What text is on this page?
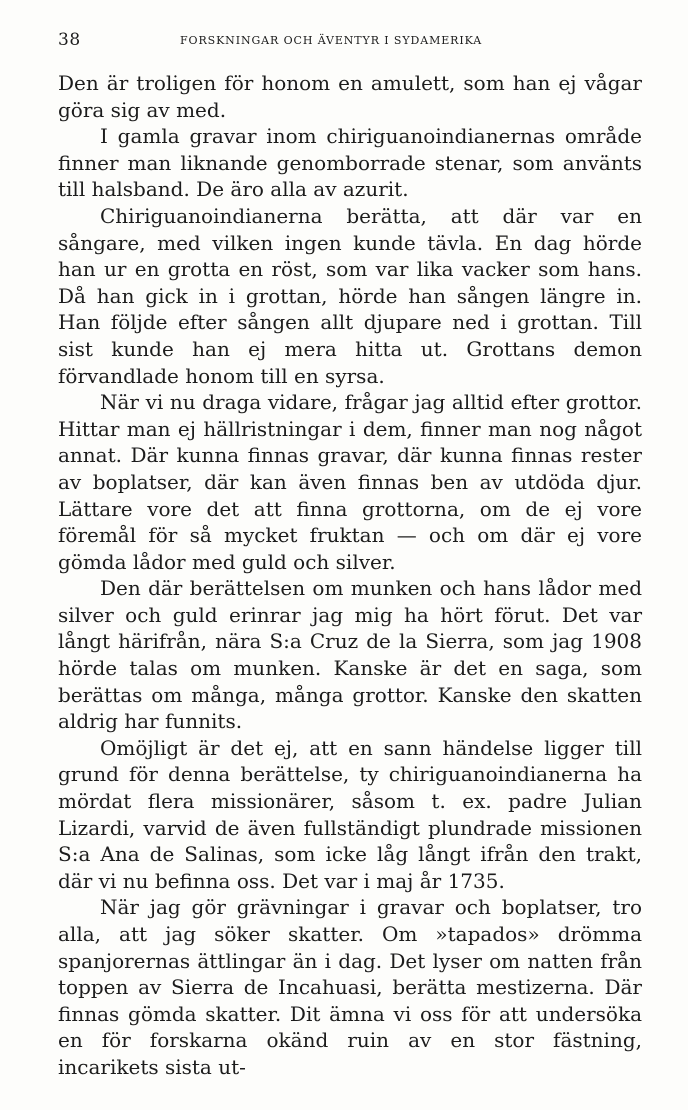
38	FORSKNINGAR OCH ÄVENTYR I SYDAMERIKA

Den är troligen för honom en amulett, som han ej vågar göra sig av med.

I gamla gravar inom chiriguanoindianernas område finner man liknande genomborrade stenar, som använts till halsband. De äro alla av azurit.

Chiriguanoindianerna berätta, att där var en sångare, med vilken ingen kunde tävla. En dag hörde han ur en grotta en röst, som var lika vacker som hans. Då han gick in i grottan, hörde han sången längre in. Han följde efter sången allt djupare ned i grottan. Till sist kunde han ej mera hitta ut. Grottans demon förvandlade honom till en syrsa.

När vi nu draga vidare, frågar jag alltid efter grottor. Hittar man ej hällristningar i dem, finner man nog något annat. Där kunna finnas gravar, där kunna finnas rester av boplatser, där kan även finnas ben av utdöda djur. Lättare vore det att finna grottorna, om de ej vore föremål för så mycket fruktan — och om där ej vore gömda lådor med guld och silver.

Den där berättelsen om munken och hans lådor med silver och guld erinrar jag mig ha hört förut. Det var långt härifrån, nära S:a Cruz de la Sierra, som jag 1908 hörde talas om munken. Kanske är det en saga, som berättas om många, många grottor. Kanske den skatten aldrig har funnits.

Omöjligt är det ej, att en sann händelse ligger till grund för denna berättelse, ty chiriguanoindianerna ha mördat flera missionärer, såsom t. ex. padre Julian Lizardi, varvid de även fullständigt plundrade missionen S:a Ana de Salinas, som icke låg långt ifrån den trakt, där vi nu befinna oss. Det var i maj år 1735.

När jag gör grävningar i gravar och boplatser, tro alla, att jag söker skatter. Om »tapados» drömma spanjorernas ättlingar än i dag. Det lyser om natten från toppen av Sierra de Incahuasi, berätta mestizerna. Där finnas gömda skatter. Dit ämna vi oss för att undersöka en för forskarna okänd ruin av en stor fästning, incarikets sista ut-
